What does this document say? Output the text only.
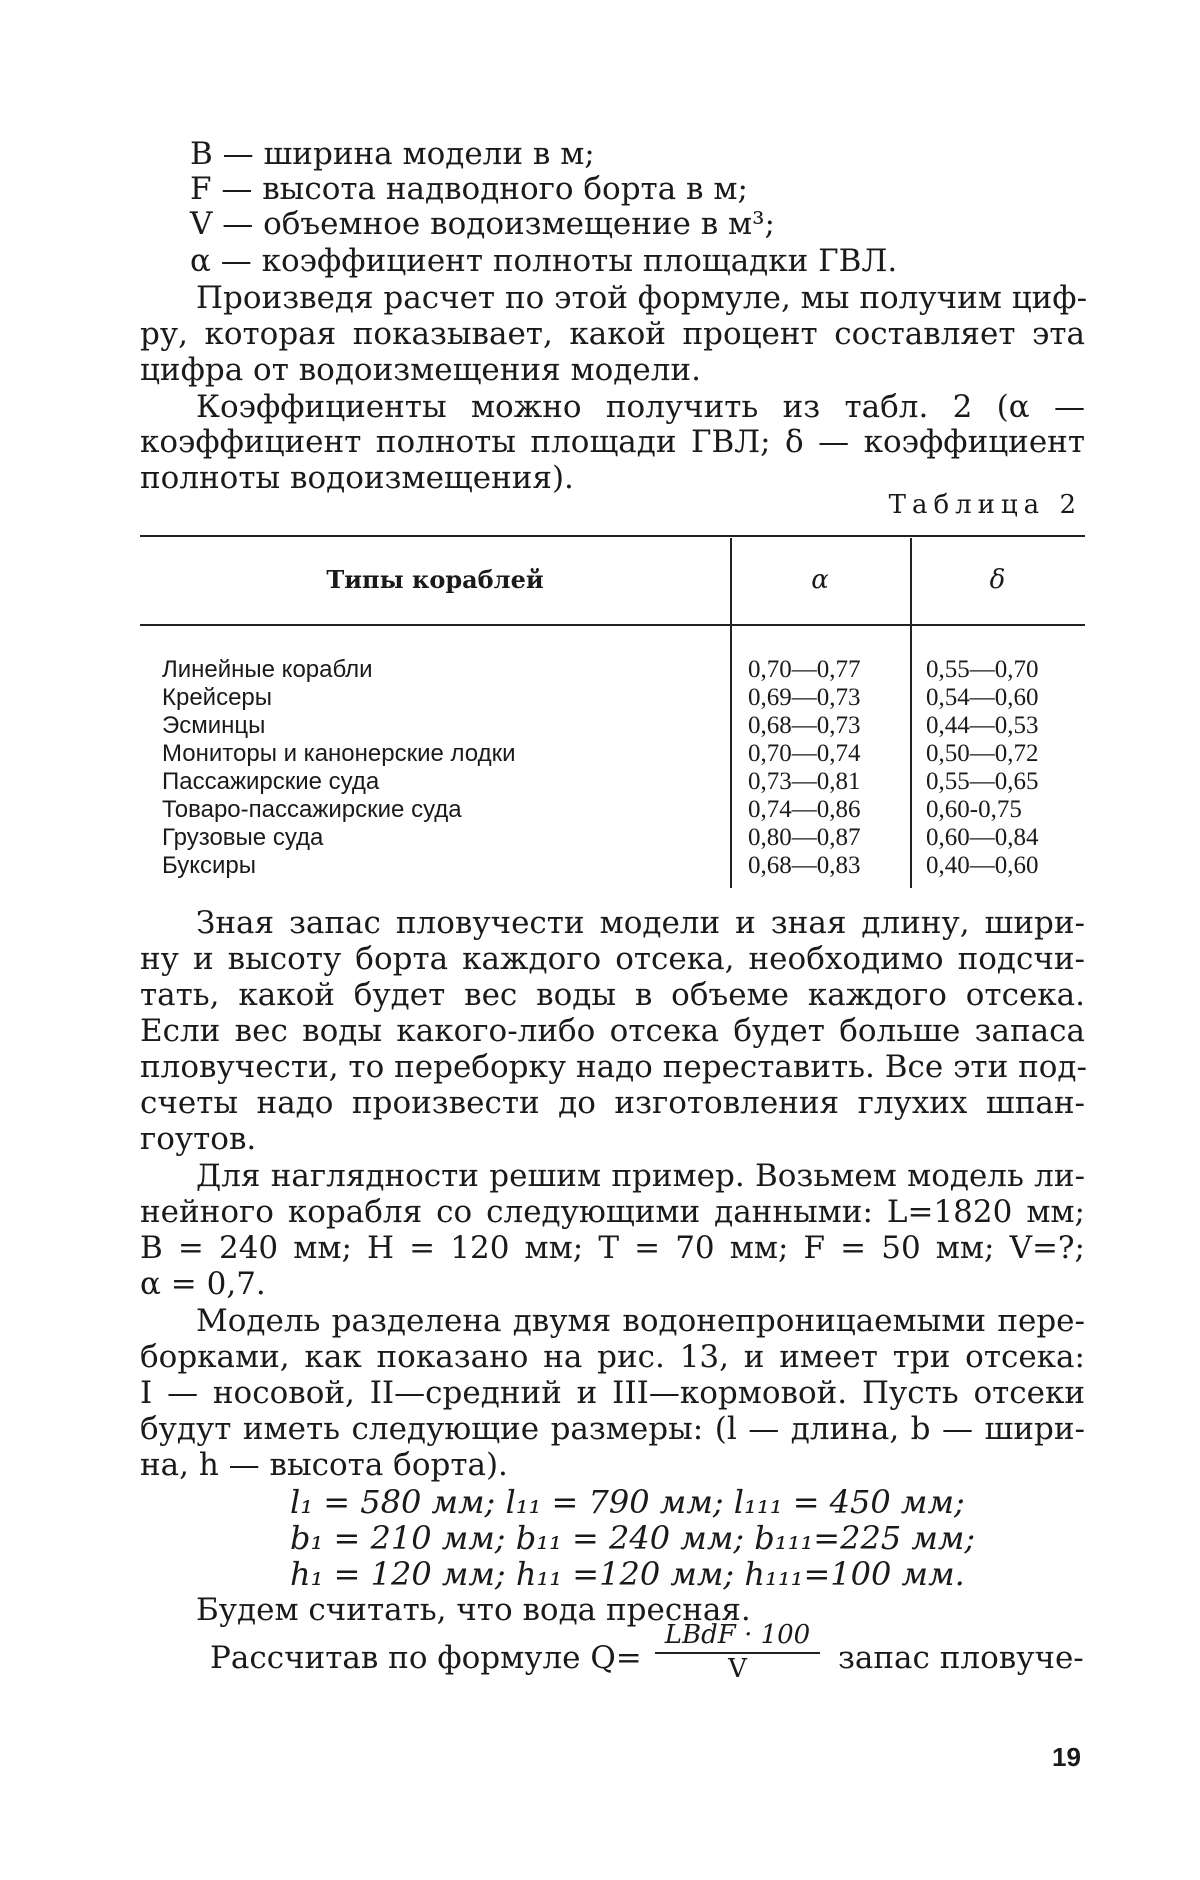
B — ширина модели в м;
F — высота надводного борта в м;
V — объемное водоизмещение в м³;
α — коэффициент полноты площадки ГВЛ.
Произведя расчет по этой формуле, мы получим циф-
ру, которая показывает, какой процент составляет эта
цифра от водоизмещения модели.
Коэффициенты можно получить из табл. 2 (α —
коэффициент полноты площади ГВЛ; δ — коэффициент
полноты водоизмещения).
Таблица 2
Типы кораблей	α	δ
Линейные корабли	0,70—0,77	0,55—0,70
Крейсеры	0,69—0,73	0,54—0,60
Эсминцы	0,68—0,73	0,44—0,53
Мониторы и канонерские лодки	0,70—0,74	0,50—0,72
Пассажирские суда	0,73—0,81	0,55—0,65
Товаро-пассажирские суда	0,74—0,86	0,60-0,75
Грузовые суда	0,80—0,87	0,60—0,84
Буксиры	0,68—0,83	0,40—0,60
Зная запас пловучести модели и зная длину, шири-
ну и высоту борта каждого отсека, необходимо подсчи-
тать, какой будет вес воды в объеме каждого отсека.
Если вес воды какого-либо отсека будет больше запаса
пловучести, то переборку надо переставить. Все эти под-
счеты надо произвести до изготовления глухих шпан-
гоутов.
Для наглядности решим пример. Возьмем модель ли-
нейного корабля со следующими данными: L=1820 мм;
B = 240 мм; H = 120 мм; T = 70 мм; F = 50 мм; V=?;
α = 0,7.
Модель разделена двумя водонепроницаемыми пере-
борками, как показано на рис. 13, и имеет три отсека:
I — носовой, II—средний и III—кормовой. Пусть отсеки
будут иметь следующие размеры: (l — длина, b — шири-
на, h — высота борта).
l₁ = 580 мм; l₁₁ = 790 мм; l₁₁₁ = 450 мм;
b₁ = 210 мм; b₁₁ = 240 мм; b₁₁₁=225 мм;
h₁ = 120 мм; h₁₁ =120 мм; h₁₁₁=100 мм.
Будем считать, что вода пресная.
Рассчитав по формуле Q=
LBdF · 100
V	запас пловуче-
19
